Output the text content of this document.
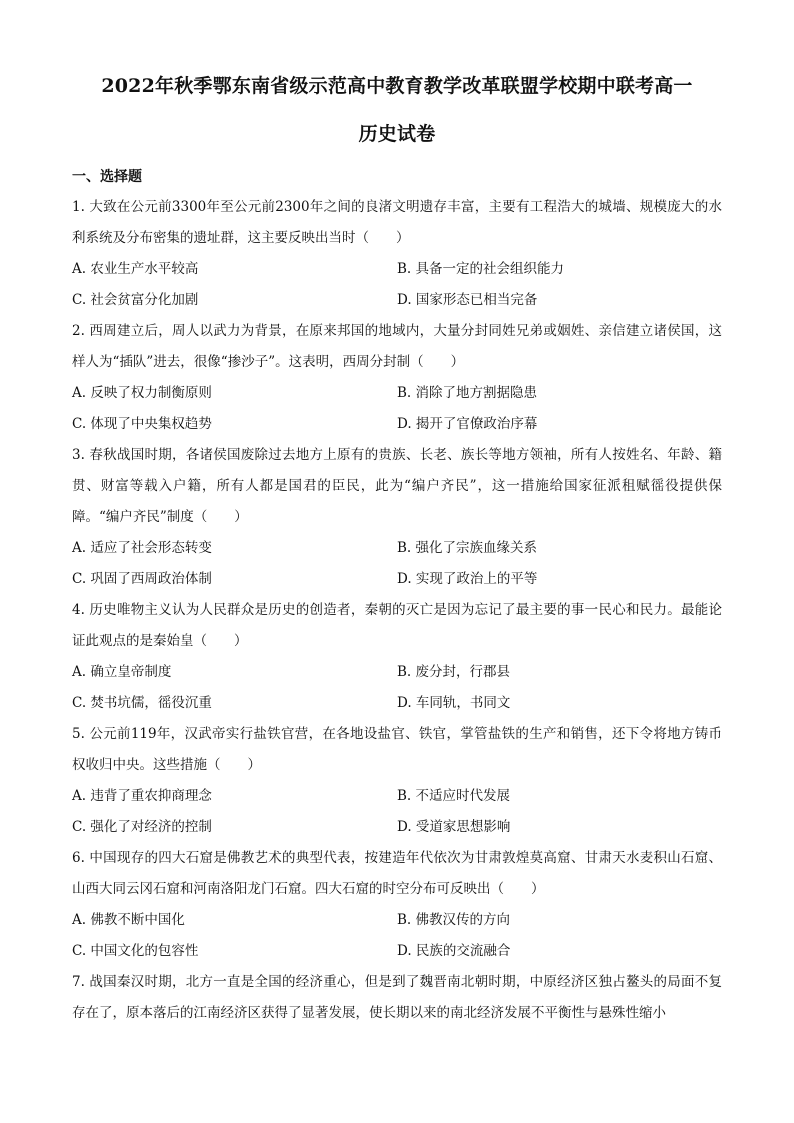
2022年秋季鄂东南省级示范高中教育教学改革联盟学校期中联考高一
历史试卷
一、选择题
1. 大致在公元前3300年至公元前2300年之间的良渚文明遗存丰富，主要有工程浩大的城墙、规模庞大的水利系统及分布密集的遗址群，这主要反映出当时（　　）
A. 农业生产水平较高	B. 具备一定的社会组织能力
C. 社会贫富分化加剧	D. 国家形态已相当完备
2. 西周建立后，周人以武力为背景，在原来邦国的地域内，大量分封同姓兄弟或姻姓、亲信建立诸侯国，这样人为“插队”进去，很像“掺沙子”。这表明，西周分封制（　　）
A. 反映了权力制衡原则	B. 消除了地方割据隐患
C. 体现了中央集权趋势	D. 揭开了官僚政治序幕
3. 春秋战国时期，各诸侯国废除过去地方上原有的贵族、长老、族长等地方领袖，所有人按姓名、年龄、籍贯、财富等载入户籍，所有人都是国君的臣民，此为“编户齐民”，这一措施给国家征派租赋徭役提供保障。“编户齐民”制度（　　）
A. 适应了社会形态转变	B. 强化了宗族血缘关系
C. 巩固了西周政治体制	D. 实现了政治上的平等
4. 历史唯物主义认为人民群众是历史的创造者，秦朝的灭亡是因为忘记了最主要的事一民心和民力。最能论证此观点的是秦始皇（　　）
A. 确立皇帝制度	B. 废分封，行郡县
C. 焚书坑儒，徭役沉重	D. 车同轨，书同文
5. 公元前119年，汉武帝实行盐铁官营，在各地设盐官、铁官，掌管盐铁的生产和销售，还下令将地方铸币权收归中央。这些措施（　　）
A. 违背了重农抑商理念	B. 不适应时代发展
C. 强化了对经济的控制	D. 受道家思想影响
6. 中国现存的四大石窟是佛教艺术的典型代表，按建造年代依次为甘肃敦煌莫高窟、甘肃天水麦积山石窟、山西大同云冈石窟和河南洛阳龙门石窟。四大石窟的时空分布可反映出（　　）
A. 佛教不断中国化	B. 佛教汉传的方向
C. 中国文化的包容性	D. 民族的交流融合
7. 战国秦汉时期，北方一直是全国的经济重心，但是到了魏晋南北朝时期，中原经济区独占鳌头的局面不复存在了，原本落后的江南经济区获得了显著发展，使长期以来的南北经济发展不平衡性与悬殊性缩小
